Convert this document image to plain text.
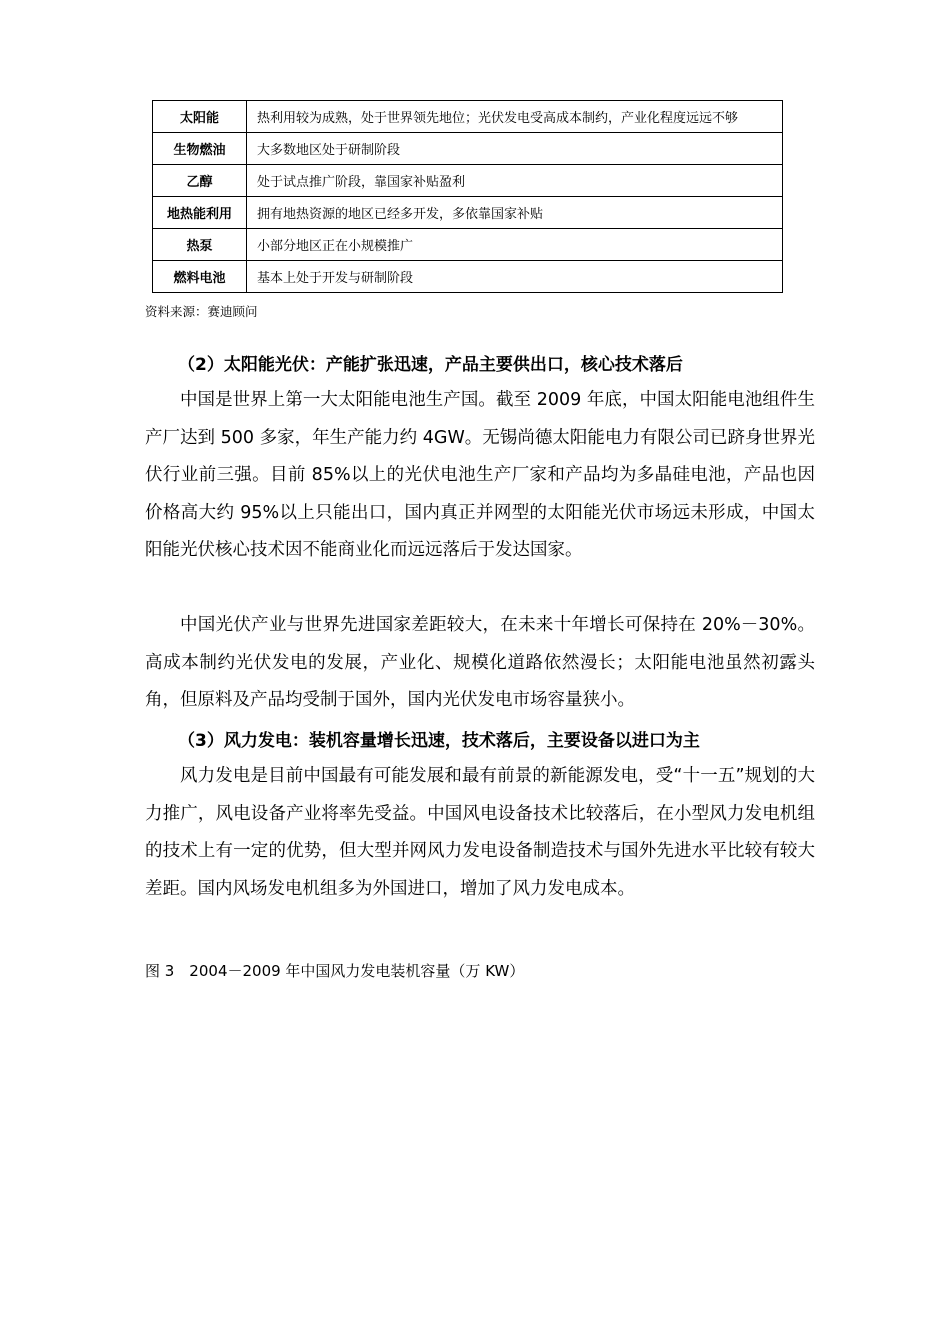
太阳能	热利用较为成熟，处于世界领先地位；光伏发电受高成本制约，产业化程度远远不够
生物燃油	大多数地区处于研制阶段
乙醇	处于试点推广阶段，靠国家补贴盈利
地热能利用	拥有地热资源的地区已经多开发，多依靠国家补贴
热泵	小部分地区正在小规模推广
燃料电池	基本上处于开发与研制阶段
资料来源：赛迪顾问
（2）太阳能光伏：产能扩张迅速，产品主要供出口，核心技术落后

中国是世界上第一大太阳能电池生产国。截至 2009 年底，中国太阳能电池组件生产厂达到 500 多家，年生产能力约 4GW。无锡尚德太阳能电力有限公司已跻身世界光伏行业前三强。目前 85%以上的光伏电池生产厂家和产品均为多晶硅电池，产品也因价格高大约 95%以上只能出口，国内真正并网型的太阳能光伏市场远未形成，中国太阳能光伏核心技术因不能商业化而远远落后于发达国家。

中国光伏产业与世界先进国家差距较大，在未来十年增长可保持在 20%－30%。高成本制约光伏发电的发展，产业化、规模化道路依然漫长；太阳能电池虽然初露头角，但原料及产品均受制于国外，国内光伏发电市场容量狭小。

（3）风力发电：装机容量增长迅速，技术落后，主要设备以进口为主

风力发电是目前中国最有可能发展和最有前景的新能源发电，受“十一五”规划的大力推广，风电设备产业将率先受益。中国风电设备技术比较落后，在小型风力发电机组的技术上有一定的优势，但大型并网风力发电设备制造技术与国外先进水平比较有较大差距。国内风场发电机组多为外国进口，增加了风力发电成本。

图 3　2004－2009 年中国风力发电装机容量（万 KW）
